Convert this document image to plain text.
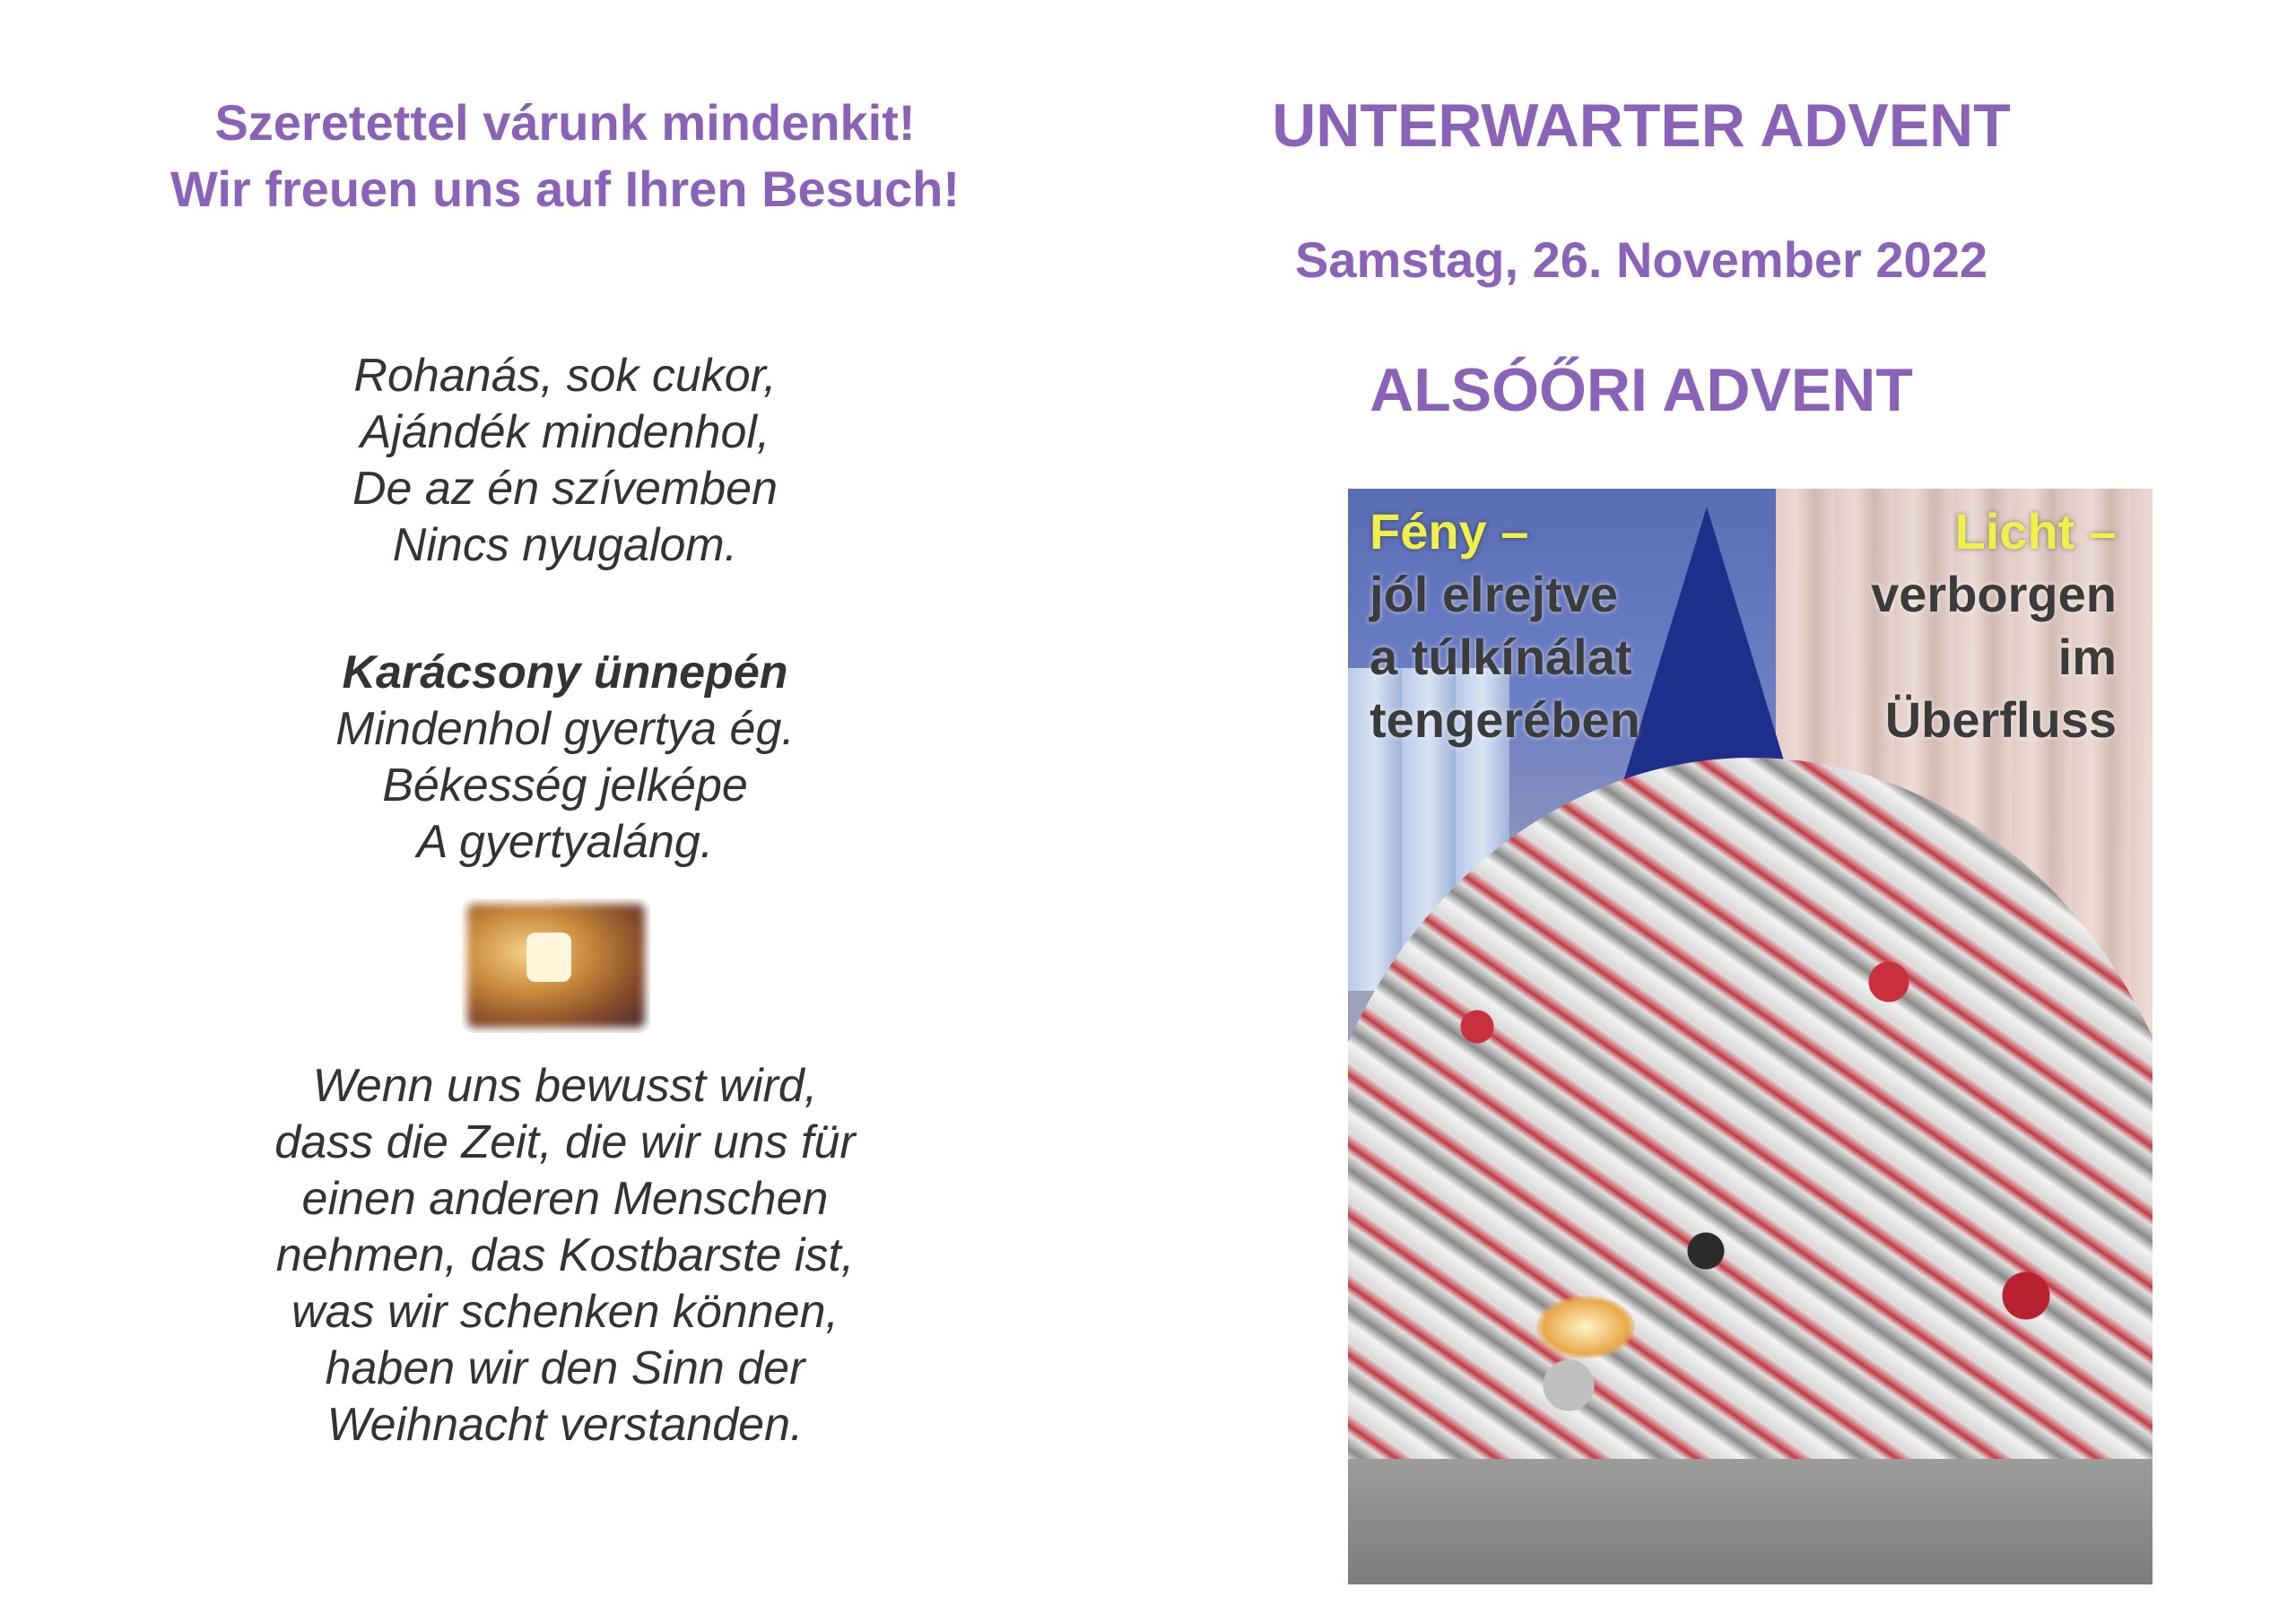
Szeretettel várunk mindenkit!
Wir freuen uns auf Ihren Besuch!
Rohanás, sok cukor,
Ajándék mindenhol,
De az én szívemben
Nincs nyugalom.
Karácsony ünnepén
Mindenhol gyertya ég.
Békesség jelképe
A gyertyaláng.
Wenn uns bewusst wird,
dass die Zeit, die wir uns für
einen anderen Menschen
nehmen, das Kostbarste ist,
was wir schenken können,
haben wir den Sinn der
Weihnacht verstanden.
UNTERWARTER ADVENT
Samstag, 26. November 2022
ALSÓŐRI ADVENT
Fény –
jól elrejtve
a túlkínálat
tengerében
Licht –
verborgen
im
Überfluss
